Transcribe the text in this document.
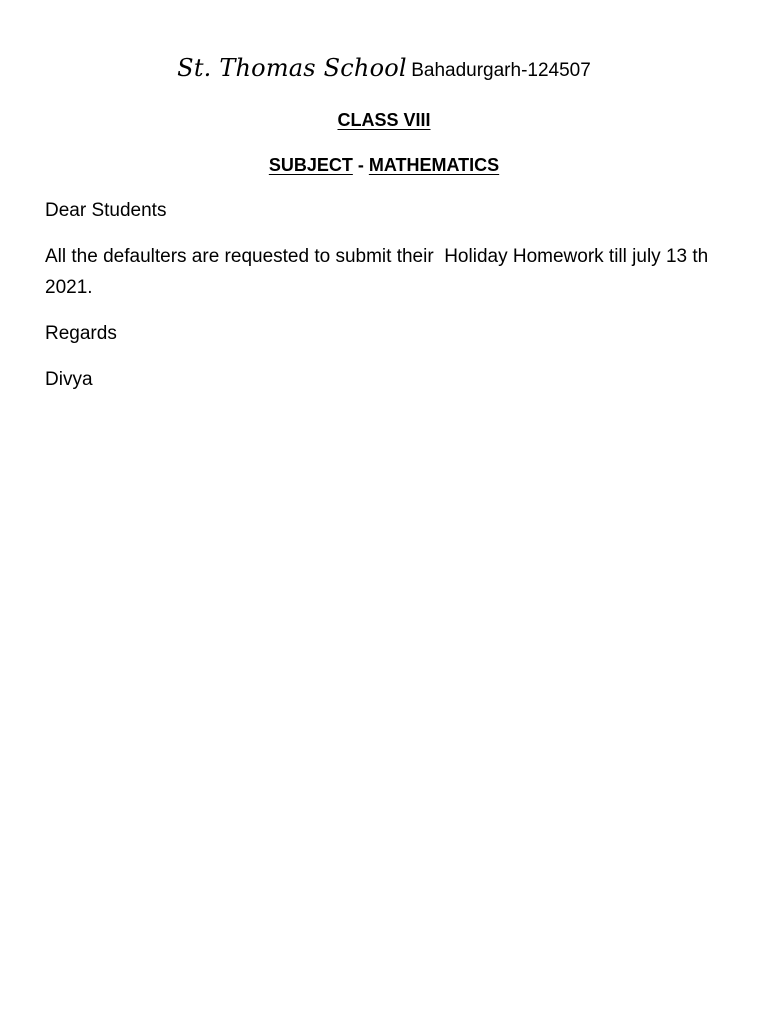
St. Thomas School Bahadurgarh-124507
CLASS VIII
SUBJECT - MATHEMATICS
Dear Students
All the defaulters are requested to submit their  Holiday Homework till july 13 th 2021.
Regards
Divya
